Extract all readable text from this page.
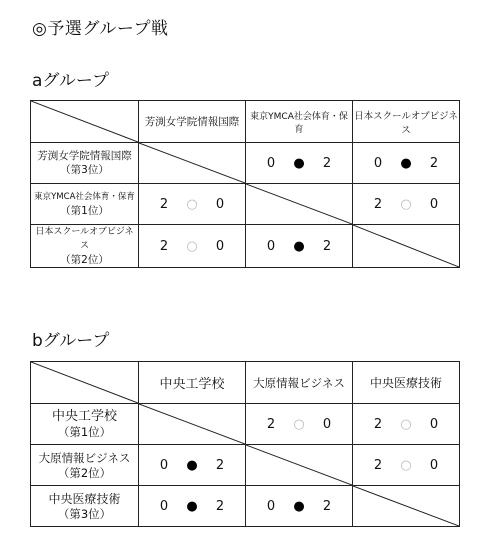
◎予選グループ戦
aグループ
	芳渕女学院情報国際	東京YMCA社会体育・保育	日本スクールオブビジネス

芳渕女学院情報国際
（第3位）		0 ● 2	0 ● 2

東京YMCA社会体育・保育
（第1位）	2 ○ 0		2 ○ 0

日本スクールオブビジネス
（第2位）	2 ○ 0	0 ● 2

bグループ
	中央工学校	大原情報ビジネス	中央医療技術

中央工学校
（第1位）		2 ○ 0	2 ○ 0

大原情報ビジネス
（第2位）	0 ● 2		2 ○ 0

中央医療技術
（第3位）	0 ● 2	0 ● 2
